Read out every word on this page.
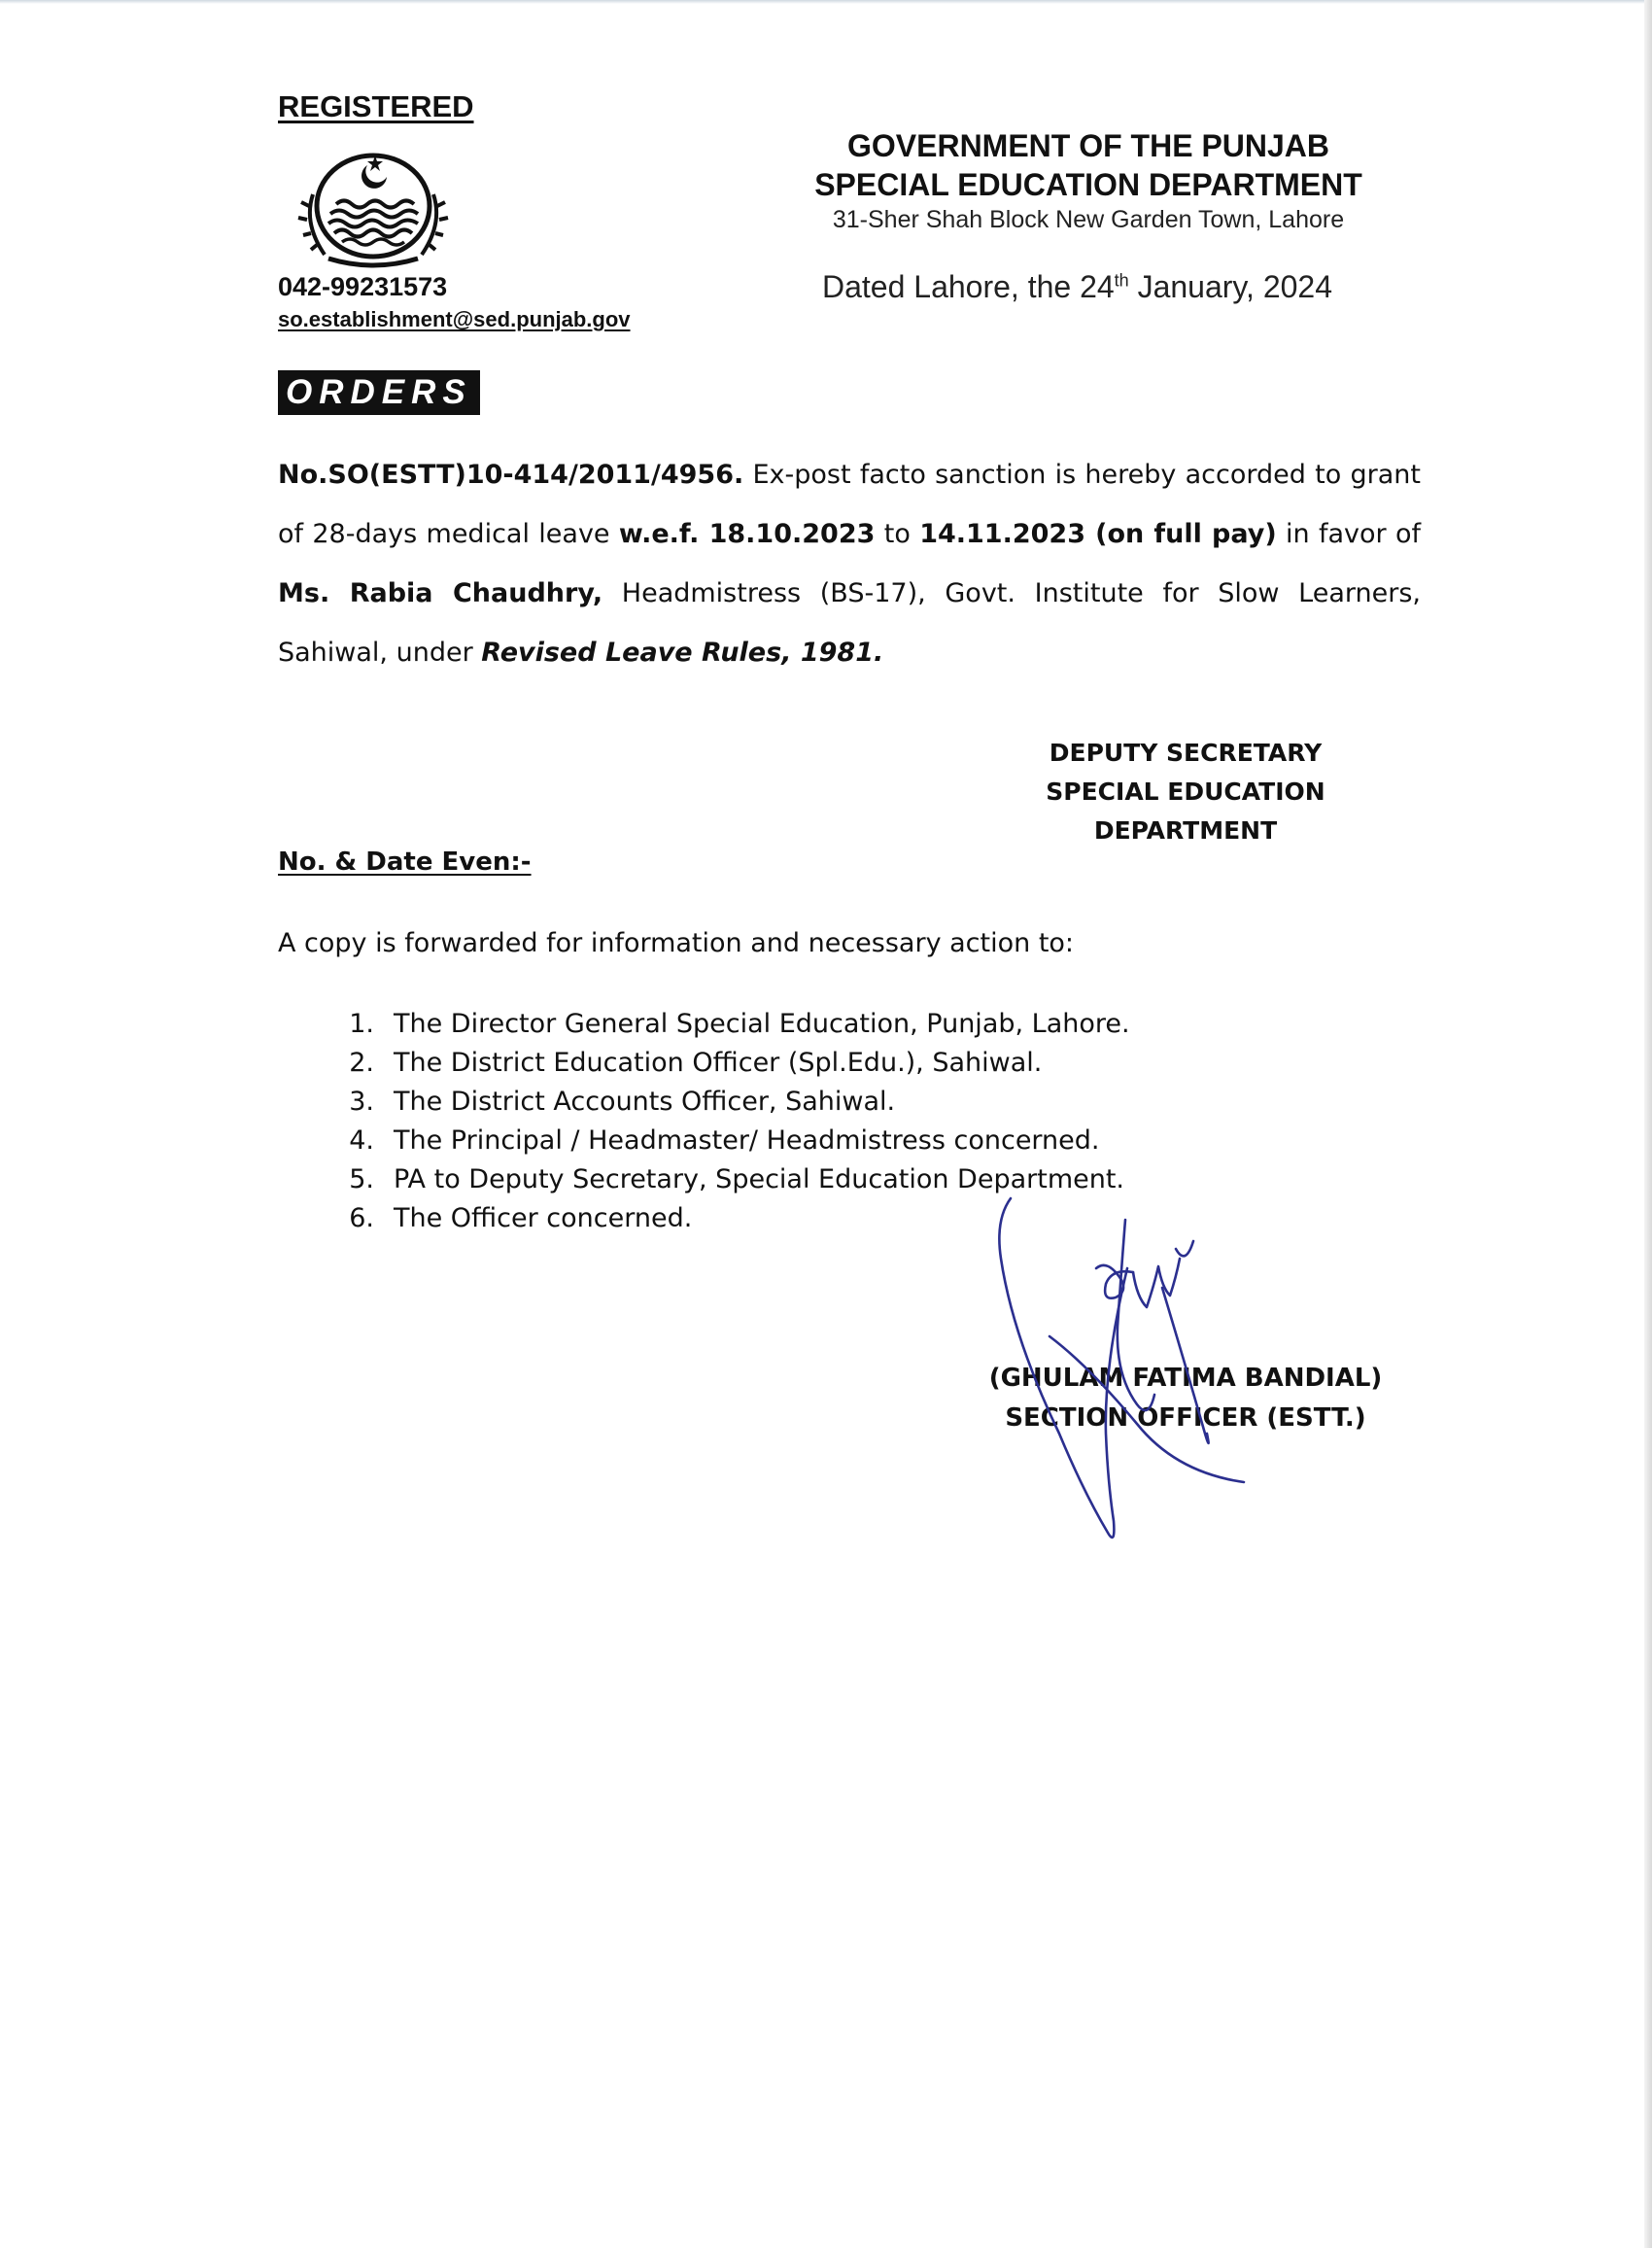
REGISTERED
042-99231573
so.establishment@sed.punjab.gov
GOVERNMENT OF THE PUNJAB
SPECIAL EDUCATION DEPARTMENT
31-Sher Shah Block New Garden Town, Lahore
Dated Lahore, the 24th January, 2024
ORDERS
No.SO(ESTT)10-414/2011/4956. Ex-post facto sanction is hereby accorded to grant of 28-days medical leave w.e.f. 18.10.2023 to 14.11.2023 (on full pay) in favor of Ms. Rabia Chaudhry, Headmistress (BS-17), Govt. Institute for Slow Learners, Sahiwal, under Revised Leave Rules, 1981.
DEPUTY SECRETARY
SPECIAL EDUCATION
DEPARTMENT
No. & Date Even:-
A copy is forwarded for information and necessary action to:
1. The Director General Special Education, Punjab, Lahore.
2. The District Education Officer (Spl.Edu.), Sahiwal.
3. The District Accounts Officer, Sahiwal.
4. The Principal / Headmaster/ Headmistress concerned.
5. PA to Deputy Secretary, Special Education Department.
6. The Officer concerned.
(GHULAM FATIMA BANDIAL)
SECTION OFFICER (ESTT.)
